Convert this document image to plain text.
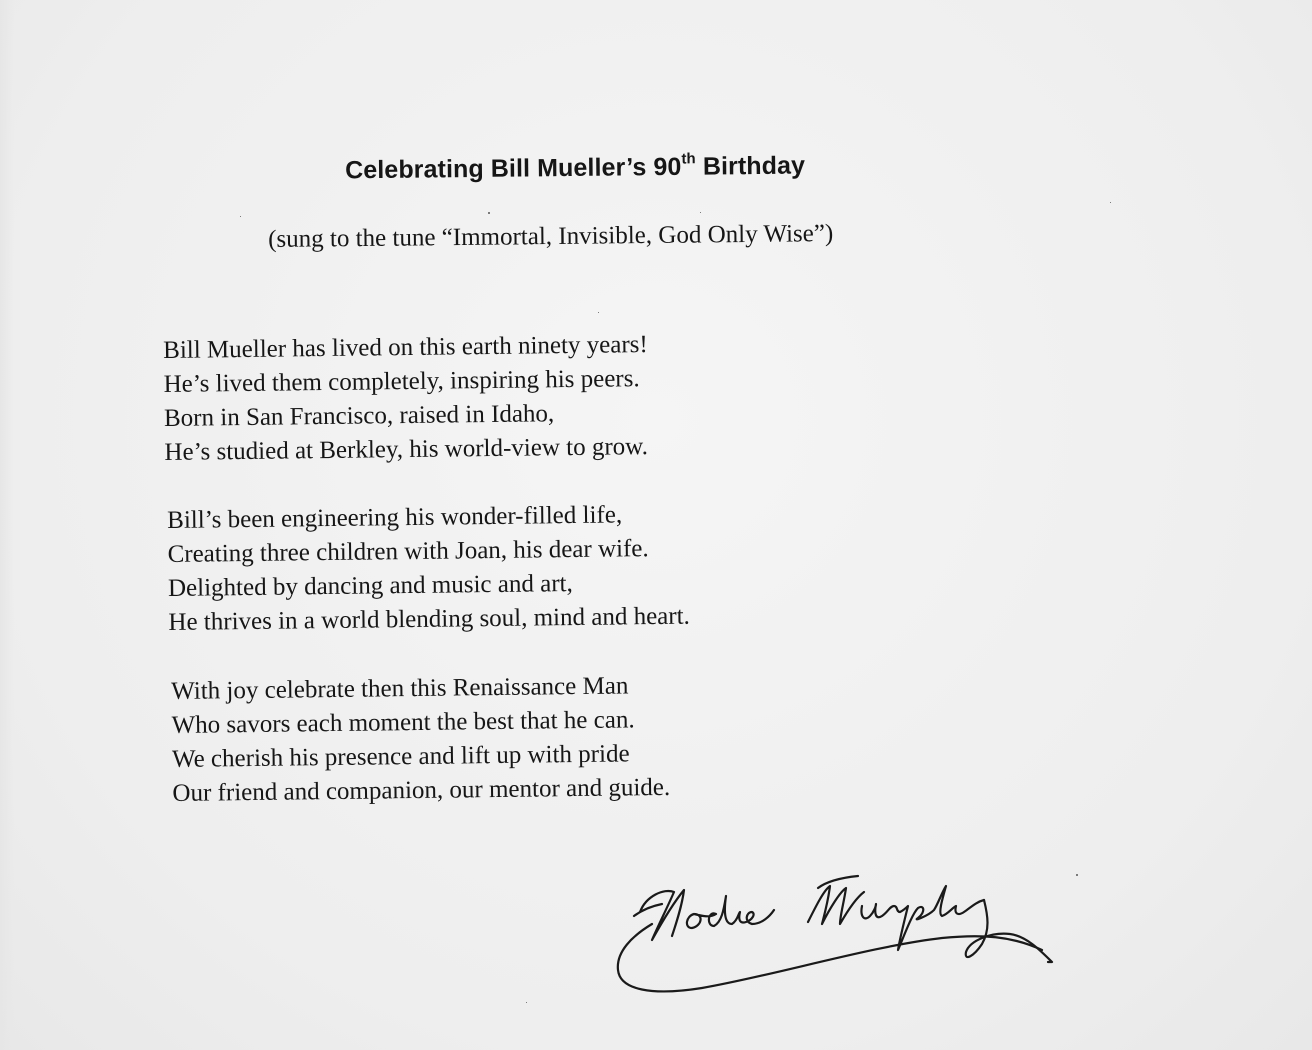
Celebrating Bill Mueller’s 90th Birthday
(sung to the tune “Immortal, Invisible, God Only Wise”)
Bill Mueller has lived on this earth ninety years!
He’s lived them completely, inspiring his peers.
Born in San Francisco, raised in Idaho,
He’s studied at Berkley, his world-view to grow.
Bill’s been engineering his wonder-filled life,
Creating three children with Joan, his dear wife.
Delighted by dancing and music and art,
He thrives in a world blending soul, mind and heart.
With joy celebrate then this Renaissance Man
Who savors each moment the best that he can.
We cherish his presence and lift up with pride
Our friend and companion, our mentor and guide.
